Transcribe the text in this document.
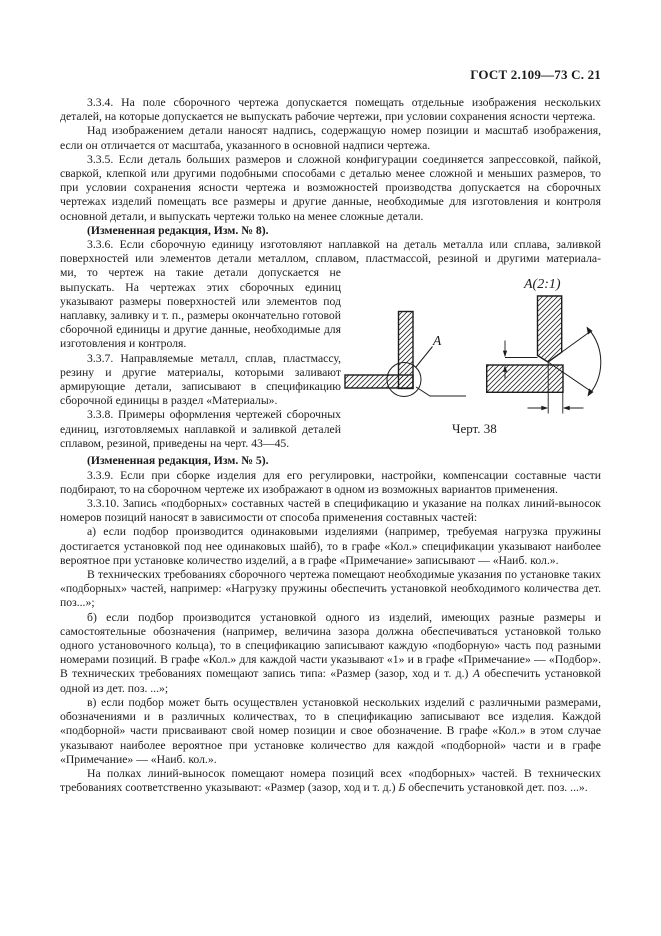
ГОСТ 2.109—73 С. 21

3.3.4. На поле сборочного чертежа допускается помещать отдельные изображения нескольких деталей, на которые допускается не выпускать рабочие чертежи, при условии сохранения ясности чертежа.

Над изображением детали наносят надпись, содержащую номер позиции и масштаб изображения, если он отличается от масштаба, указанного в основной надписи чертежа.

3.3.5. Если деталь больших размеров и сложной конфигурации соединяется запрессовкой, пайкой, сваркой, клепкой или другими подобными способами с деталью менее сложной и меньших размеров, то при условии сохранения ясности чертежа и возможностей производства допускается на сборочных чертежах изделий помещать все размеры и другие данные, необходимые для изготовления и контроля основной детали, и выпускать чертежи только на менее сложные детали.

(Измененная редакция, Изм. № 8).

3.3.6. Если сборочную единицу изготовляют наплавкой на деталь металла или сплава, заливкой поверхностей или элементов детали металлом, сплавом, пластмассой, резиной и другими материала-

ми, то чертеж на такие детали допускается не выпускать. На чертежах этих сборочных единиц указывают размеры поверхностей или элементов под наплавку, заливку и т. п., размеры окончательно готовой сборочной единицы и другие данные, необходимые для изготовления и контроля.

3.3.7. Направляемые металл, сплав, пластмассу, резину и другие материалы, которыми заливают армирующие детали, записывают в спецификацию сборочной единицы в раздел «Материалы».

3.3.8. Примеры оформления чертежей сборочных единиц, изготовляемых наплавкой и заливкой деталей сплавом, резиной, приведены на черт. 43—45.

А
А(2:1)
Черт. 38

(Измененная редакция, Изм. № 5).

3.3.9. Если при сборке изделия для его регулировки, настройки, компенсации составные части подбирают, то на сборочном чертеже их изображают в одном из возможных вариантов применения.

3.3.10. Запись «подборных» составных частей в спецификацию и указание на полках линий-выносок номеров позиций наносят в зависимости от способа применения составных частей:

а) если подбор производится одинаковыми изделиями (например, требуемая нагрузка пружины достигается установкой под нее одинаковых шайб), то в графе «Кол.» спецификации указывают наиболее вероятное при установке количество изделий, а в графе «Примечание» записывают — «Наиб. кол.».

В технических требованиях сборочного чертежа помещают необходимые указания по установке таких «подборных» частей, например: «Нагрузку пружины обеспечить установкой необходимого количества дет. поз...»;

б) если подбор производится установкой одного из изделий, имеющих разные размеры и самостоятельные обозначения (например, величина зазора должна обеспечиваться установкой только одного установочного кольца), то в спецификацию записывают каждую «подборную» часть под разными номерами позиций. В графе «Кол.» для каждой части указывают «1» и в графе «Примечание» — «Подбор». В технических требованиях помещают запись типа: «Размер (зазор, ход и т. д.) А обеспечить установкой одной из дет. поз. ...»;

в) если подбор может быть осуществлен установкой нескольких изделий с различными размерами, обозначениями и в различных количествах, то в спецификацию записывают все изделия. Каждой «подборной» части присваивают свой номер позиции и свое обозначение. В графе «Кол.» в этом случае указывают наиболее вероятное при установке количество для каждой «подборной» части и в графе «Примечание» — «Наиб. кол.».

На полках линий-выносок помещают номера позиций всех «подборных» частей. В технических требованиях соответственно указывают: «Размер (зазор, ход и т. д.) Б обеспечить установкой дет. поз. ...».
